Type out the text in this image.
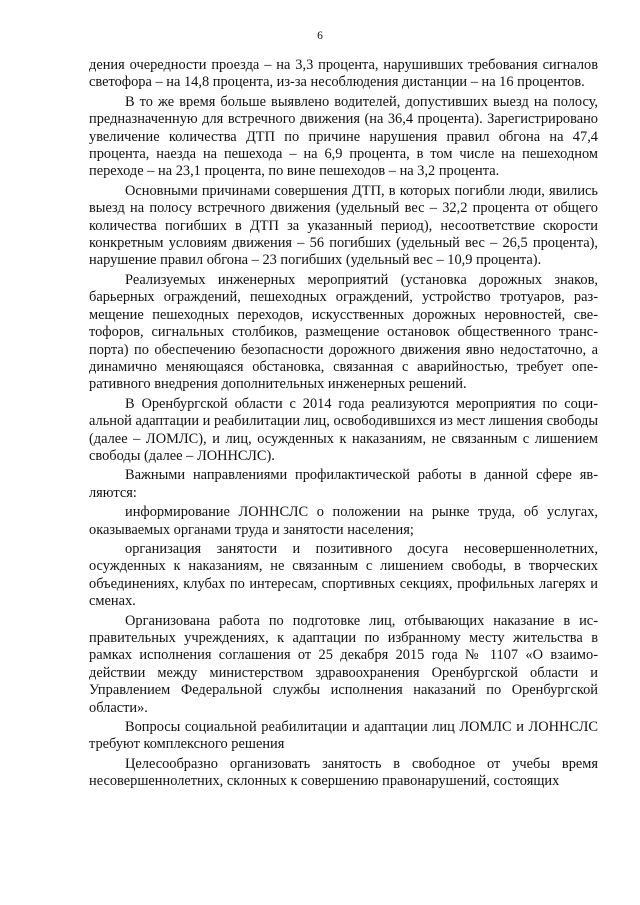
6

дения очередности проезда – на 3,3 процента, нарушивших требования сигналов светофора – на 14,8 процента, из-за несоблюдения дистанции – на 16 процентов.

В то же время больше выявлено водителей, допустивших выезд на полосу, предназначенную для встречного движения (на 36,4 процента). Зарегистрировано увеличение количества ДТП по причине нарушения правил обгона на 47,4 процента, наезда на пешехода – на 6,9 процента, в том числе на пешеходном переходе – на 23,1 процента, по вине пешеходов – на 3,2 процента.

Основными причинами совершения ДТП, в которых погибли люди, явились выезд на полосу встречного движения (удельный вес – 32,2 процента от общего количества погибших в ДТП за указанный период), несоответствие скорости конкретным условиям движения – 56 погибших (удельный вес – 26,5 процента), нарушение правил обгона – 23 погибших (удельный вес – 10,9 процента).

Реализуемых инженерных мероприятий (установка дорожных знаков, барьерных ограждений, пешеходных ограждений, устройство тротуаров, размещение пешеходных переходов, искусственных дорожных неровностей, светофоров, сигнальных столбиков, размещение остановок общественного транспорта) по обеспечению безопасности дорожного движения явно недостаточно, а динамично меняющаяся обстановка, связанная с аварийностью, требует оперативного внедрения дополнительных инженерных решений.

В Оренбургской области с 2014 года реализуются мероприятия по социальной адаптации и реабилитации лиц, освободившихся из мест лишения свободы (далее – ЛОМЛС), и лиц, осужденных к наказаниям, не связанным с лишением свободы (далее – ЛОННСЛС).

Важными направлениями профилактической работы в данной сфере являются:

информирование ЛОННСЛС о положении на рынке труда, об услугах, оказываемых органами труда и занятости населения;

организация занятости и позитивного досуга несовершеннолетних, осужденных к наказаниям, не связанным с лишением свободы, в творческих объединениях, клубах по интересам, спортивных секциях, профильных лагерях и сменах.

Организована работа по подготовке лиц, отбывающих наказание в исправительных учреждениях, к адаптации по избранному месту жительства в рамках исполнения соглашения от 25 декабря 2015 года № 1107 «О взаимодействии между министерством здравоохранения Оренбургской области и Управлением Федеральной службы исполнения наказаний по Оренбургской области».

Вопросы социальной реабилитации и адаптации лиц ЛОМЛС и ЛОННСЛС требуют комплексного решения

Целесообразно организовать занятость в свободное от учебы время несовершеннолетних, склонных к совершению правонарушений, состоящих
